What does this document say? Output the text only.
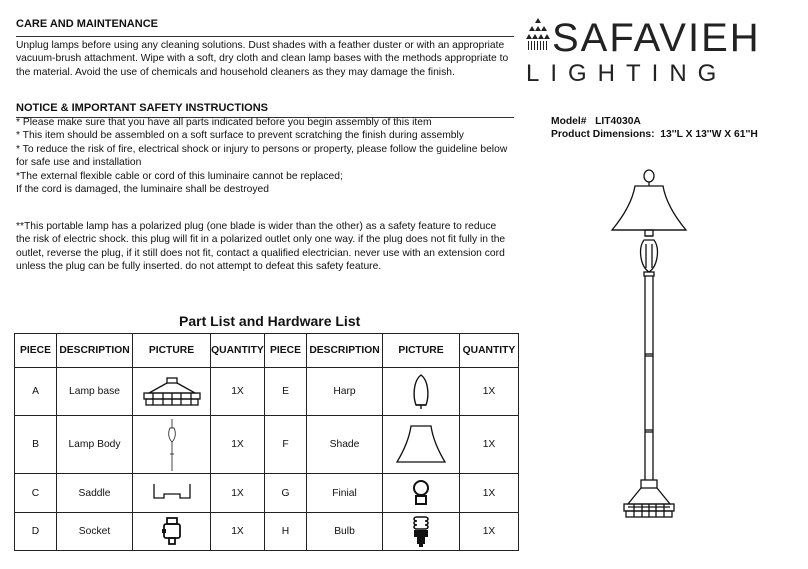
CARE AND MAINTENANCE
Unplug lamps before using any cleaning solutions. Dust shades with a feather duster or with an appropriate
vacuum-brush attachment. Wipe with a soft, dry cloth and clean lamp bases with the methods appropriate to
the material. Avoid the use of chemicals and household cleaners as they may damage the finish.
NOTICE & IMPORTANT SAFETY INSTRUCTIONS
* Please make sure that you have all parts indicated before you begin assembly of this item
* This item should be assembled on a soft surface to prevent scratching the finish during assembly
* To reduce the risk of fire, electrical shock or injury to persons or property, please follow the guideline below
for safe use and installation
*The external flexible cable or cord of this luminaire cannot be replaced;
If the cord is damaged, the luminaire shall be destroyed
**This portable lamp has a polarized plug (one blade is wider than the other) as a safety feature to reduce
the risk of electric shock. this plug will fit in a polarized outlet only one way. if the plug does not fit fully in the
outlet, reverse the plug, if it still does not fit, contact a qualified electrician. never use with an extension cord
unless the plug can be fully inserted. do not attempt to defeat this safety feature.
SAFAVIEH
LIGHTING
Model# LIT4030A
Product Dimensions: 13''L X 13''W X 61''H
Part List and Hardware List
PIECE	DESCRIPTION	PICTURE	QUANTITY	PIECE	DESCRIPTION	PICTURE	QUANTITY
A	Lamp base		1X	E	Harp		1X
B	Lamp Body		1X	F	Shade		1X
C	Saddle		1X	G	Finial		1X
D	Socket		1X	H	Bulb		1X
